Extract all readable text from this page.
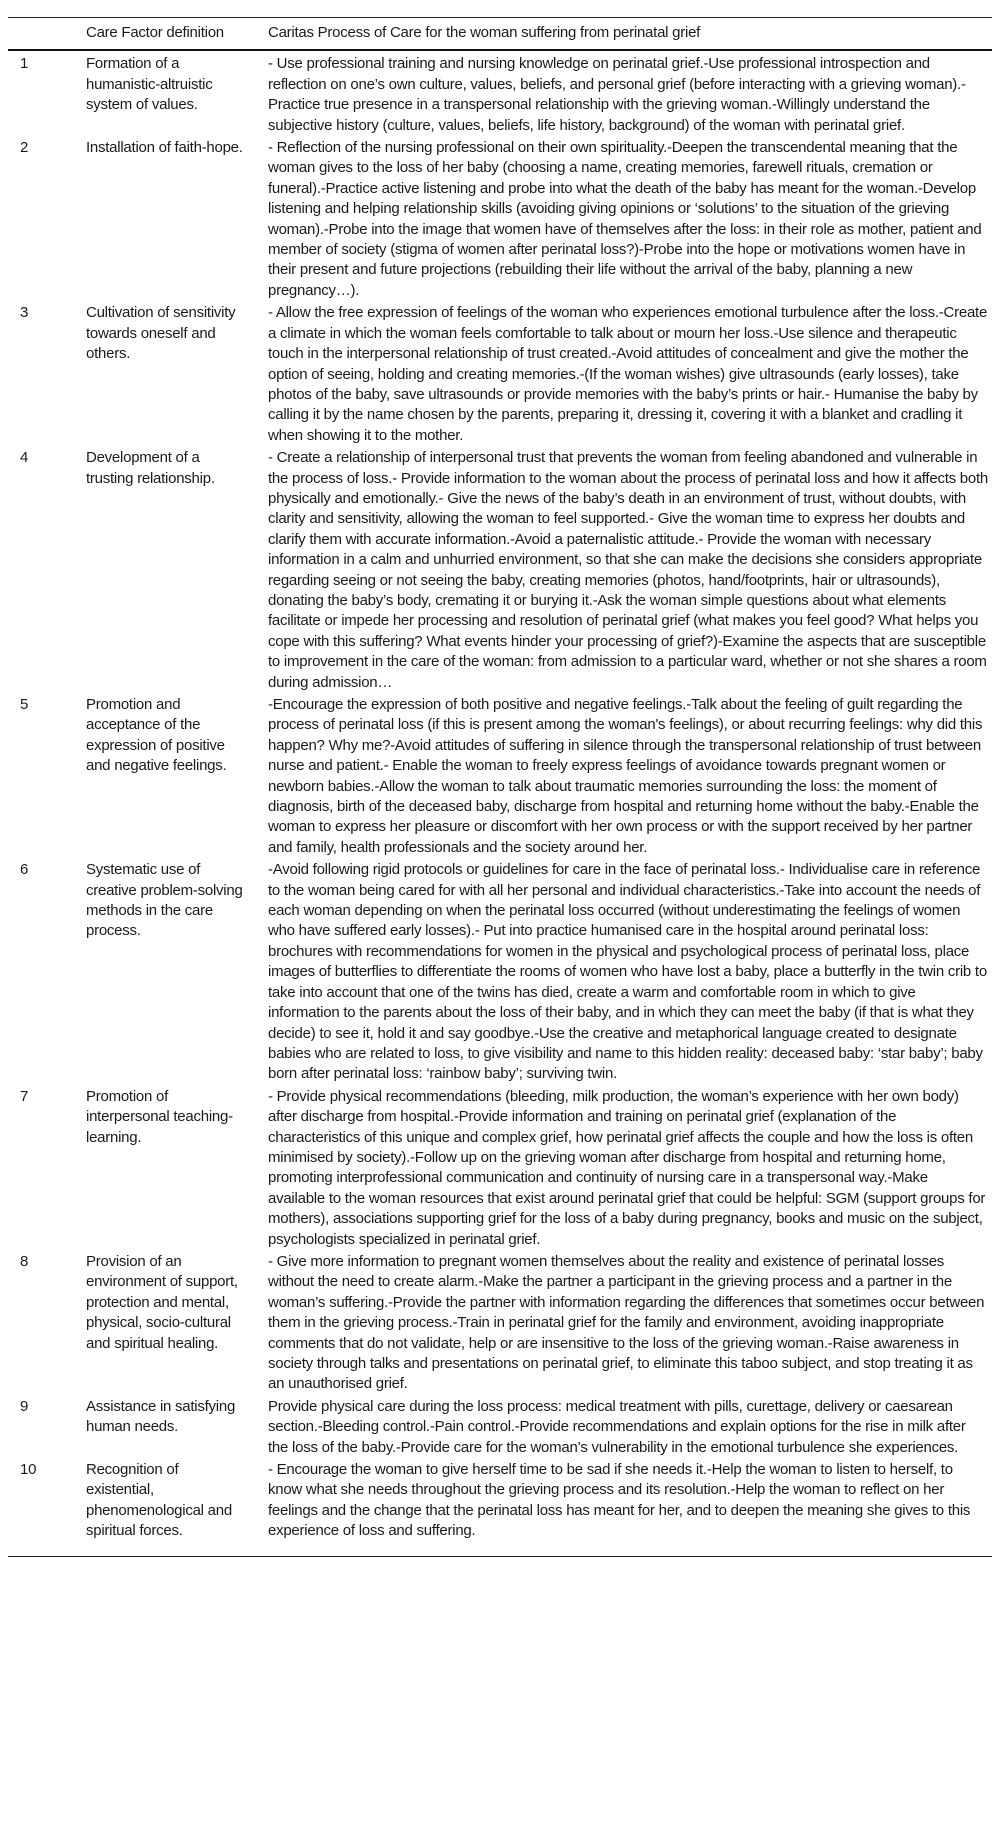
	Care Factor definition	Caritas Process of Care for the woman suffering from perinatal grief
1	Formation of a humanistic-altruistic system of values.	- Use professional training and nursing knowledge on perinatal grief.-Use professional introspection and reflection on one’s own culture, values, beliefs, and personal grief (before interacting with a grieving woman).-Practice true presence in a transpersonal relationship with the grieving woman.-Willingly understand the subjective history (culture, values, beliefs, life history, background) of the woman with perinatal grief.
2	Installation of faith-hope.	- Reflection of the nursing professional on their own spirituality.-Deepen the transcendental meaning that the woman gives to the loss of her baby (choosing a name, creating memories, farewell rituals, cremation or funeral).-Practice active listening and probe into what the death of the baby has meant for the woman.-Develop listening and helping relationship skills (avoiding giving opinions or ‘solutions’ to the situation of the grieving woman).-Probe into the image that women have of themselves after the loss: in their role as mother, patient and member of society (stigma of women after perinatal loss?)-Probe into the hope or motivations women have in their present and future projections (rebuilding their life without the arrival of the baby, planning a new pregnancy…).
3	Cultivation of sensitivity towards oneself and others.	- Allow the free expression of feelings of the woman who experiences emotional turbulence after the loss.-Create a climate in which the woman feels comfortable to talk about or mourn her loss.-Use silence and therapeutic touch in the interpersonal relationship of trust created.-Avoid attitudes of concealment and give the mother the option of seeing, holding and creating memories.-(If the woman wishes) give ultrasounds (early losses), take photos of the baby, save ultrasounds or provide memories with the baby’s prints or hair.- Humanise the baby by calling it by the name chosen by the parents, preparing it, dressing it, covering it with a blanket and cradling it when showing it to the mother.
4	Development of a trusting relationship.	- Create a relationship of interpersonal trust that prevents the woman from feeling abandoned and vulnerable in the process of loss.- Provide information to the woman about the process of perinatal loss and how it affects both physically and emotionally.- Give the news of the baby’s death in an environment of trust, without doubts, with clarity and sensitivity, allowing the woman to feel supported.- Give the woman time to express her doubts and clarify them with accurate information.-Avoid a paternalistic attitude.- Provide the woman with necessary information in a calm and unhurried environment, so that she can make the decisions she considers appropriate regarding seeing or not seeing the baby, creating memories (photos, hand/footprints, hair or ultrasounds), donating the baby’s body, cremating it or burying it.-Ask the woman simple questions about what elements facilitate or impede her processing and resolution of perinatal grief (what makes you feel good? What helps you cope with this suffering? What events hinder your processing of grief?)-Examine the aspects that are susceptible to improvement in the care of the woman: from admission to a particular ward, whether or not she shares a room during admission…
5	Promotion and acceptance of the expression of positive and negative feelings.	-Encourage the expression of both positive and negative feelings.-Talk about the feeling of guilt regarding the process of perinatal loss (if this is present among the woman's feelings), or about recurring feelings: why did this happen? Why me?-Avoid attitudes of suffering in silence through the transpersonal relationship of trust between nurse and patient.- Enable the woman to freely express feelings of avoidance towards pregnant women or newborn babies.-Allow the woman to talk about traumatic memories surrounding the loss: the moment of diagnosis, birth of the deceased baby, discharge from hospital and returning home without the baby.-Enable the woman to express her pleasure or discomfort with her own process or with the support received by her partner and family, health professionals and the society around her.
6	Systematic use of creative problem-solving methods in the care process.	-Avoid following rigid protocols or guidelines for care in the face of perinatal loss.- Individualise care in reference to the woman being cared for with all her personal and individual characteristics.-Take into account the needs of each woman depending on when the perinatal loss occurred (without underestimating the feelings of women who have suffered early losses).- Put into practice humanised care in the hospital around perinatal loss: brochures with recommendations for women in the physical and psychological process of perinatal loss, place images of butterflies to differentiate the rooms of women who have lost a baby, place a butterfly in the twin crib to take into account that one of the twins has died, create a warm and comfortable room in which to give information to the parents about the loss of their baby, and in which they can meet the baby (if that is what they decide) to see it, hold it and say goodbye.-Use the creative and metaphorical language created to designate babies who are related to loss, to give visibility and name to this hidden reality: deceased baby: ‘star baby’; baby born after perinatal loss: ‘rainbow baby’; surviving twin.
7	Promotion of interpersonal teaching-learning.	- Provide physical recommendations (bleeding, milk production, the woman’s experience with her own body) after discharge from hospital.-Provide information and training on perinatal grief (explanation of the characteristics of this unique and complex grief, how perinatal grief affects the couple and how the loss is often minimised by society).-Follow up on the grieving woman after discharge from hospital and returning home, promoting interprofessional communication and continuity of nursing care in a transpersonal way.-Make available to the woman resources that exist around perinatal grief that could be helpful: SGM (support groups for mothers), associations supporting grief for the loss of a baby during pregnancy, books and music on the subject, psychologists specialized in perinatal grief.
8	Provision of an environment of support, protection and mental, physical, socio-cultural and spiritual healing.	- Give more information to pregnant women themselves about the reality and existence of perinatal losses without the need to create alarm.-Make the partner a participant in the grieving process and a partner in the woman’s suffering.-Provide the partner with information regarding the differences that sometimes occur between them in the grieving process.-Train in perinatal grief for the family and environment, avoiding inappropriate comments that do not validate, help or are insensitive to the loss of the grieving woman.-Raise awareness in society through talks and presentations on perinatal grief, to eliminate this taboo subject, and stop treating it as an unauthorised grief.
9	Assistance in satisfying human needs.	Provide physical care during the loss process: medical treatment with pills, curettage, delivery or caesarean section.-Bleeding control.-Pain control.-Provide recommendations and explain options for the rise in milk after the loss of the baby.-Provide care for the woman’s vulnerability in the emotional turbulence she experiences.
10	Recognition of existential, phenomenological and spiritual forces.	- Encourage the woman to give herself time to be sad if she needs it.-Help the woman to listen to herself, to know what she needs throughout the grieving process and its resolution.-Help the woman to reflect on her feelings and the change that the perinatal loss has meant for her, and to deepen the meaning she gives to this experience of loss and suffering.
